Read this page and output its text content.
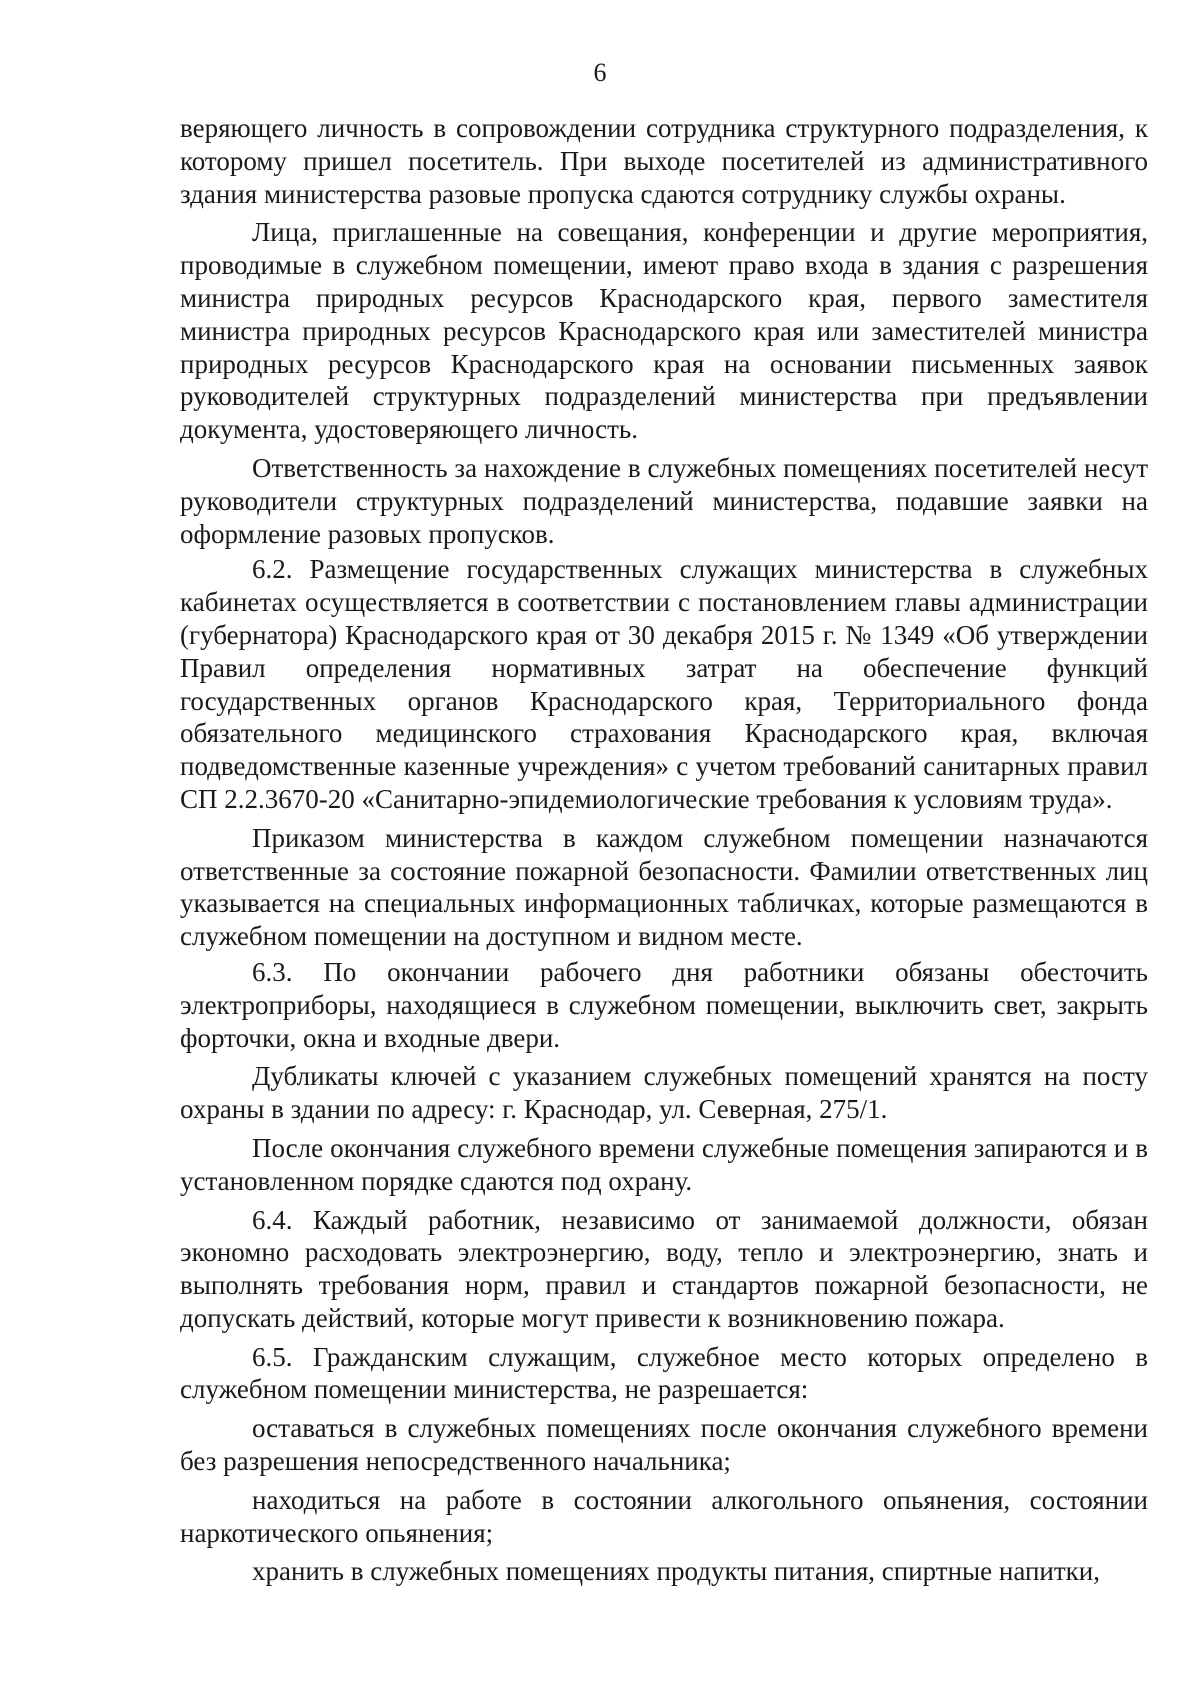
6

веряющего личность в сопровождении сотрудника структурного подразделения, к которому пришел посетитель. При выходе посетителей из административного здания министерства разовые пропуска сдаются сотруднику службы охраны.

Лица, приглашенные на совещания, конференции и другие мероприятия, проводимые в служебном помещении, имеют право входа в здания с разрешения министра природных ресурсов Краснодарского края, первого заместителя министра природных ресурсов Краснодарского края или заместителей министра природных ресурсов Краснодарского края на основании письменных заявок руководителей структурных подразделений министерства при предъявлении документа, удостоверяющего личность.

Ответственность за нахождение в служебных помещениях посетителей несут руководители структурных подразделений министерства, подавшие заявки на оформление разовых пропусков.

6.2. Размещение государственных служащих министерства в служебных кабинетах осуществляется в соответствии с постановлением главы администрации (губернатора) Краснодарского края от 30 декабря 2015 г. № 1349 «Об утверждении Правил определения нормативных затрат на обеспечение функций государственных органов Краснодарского края, Территориального фонда обязательного медицинского страхования Краснодарского края, включая подведомственные казенные учреждения» с учетом требований санитарных правил СП 2.2.3670-20 «Санитарно-эпидемиологические требования к условиям труда».

Приказом министерства в каждом служебном помещении назначаются ответственные за состояние пожарной безопасности. Фамилии ответственных лиц указывается на специальных информационных табличках, которые размещаются в служебном помещении на доступном и видном месте.

6.3. По окончании рабочего дня работники обязаны обесточить электроприборы, находящиеся в служебном помещении, выключить свет, закрыть форточки, окна и входные двери.

Дубликаты ключей с указанием служебных помещений хранятся на посту охраны в здании по адресу: г. Краснодар, ул. Северная, 275/1.

После окончания служебного времени служебные помещения запираются и в установленном порядке сдаются под охрану.

6.4. Каждый работник, независимо от занимаемой должности, обязан экономно расходовать электроэнергию, воду, тепло и электроэнергию, знать и выполнять требования норм, правил и стандартов пожарной безопасности, не допускать действий, которые могут привести к возникновению пожара.

6.5. Гражданским служащим, служебное место которых определено в служебном помещении министерства, не разрешается:

оставаться в служебных помещениях после окончания служебного времени без разрешения непосредственного начальника;

находиться на работе в состоянии алкогольного опьянения, состоянии наркотического опьянения;

хранить в служебных помещениях продукты питания, спиртные напитки,
